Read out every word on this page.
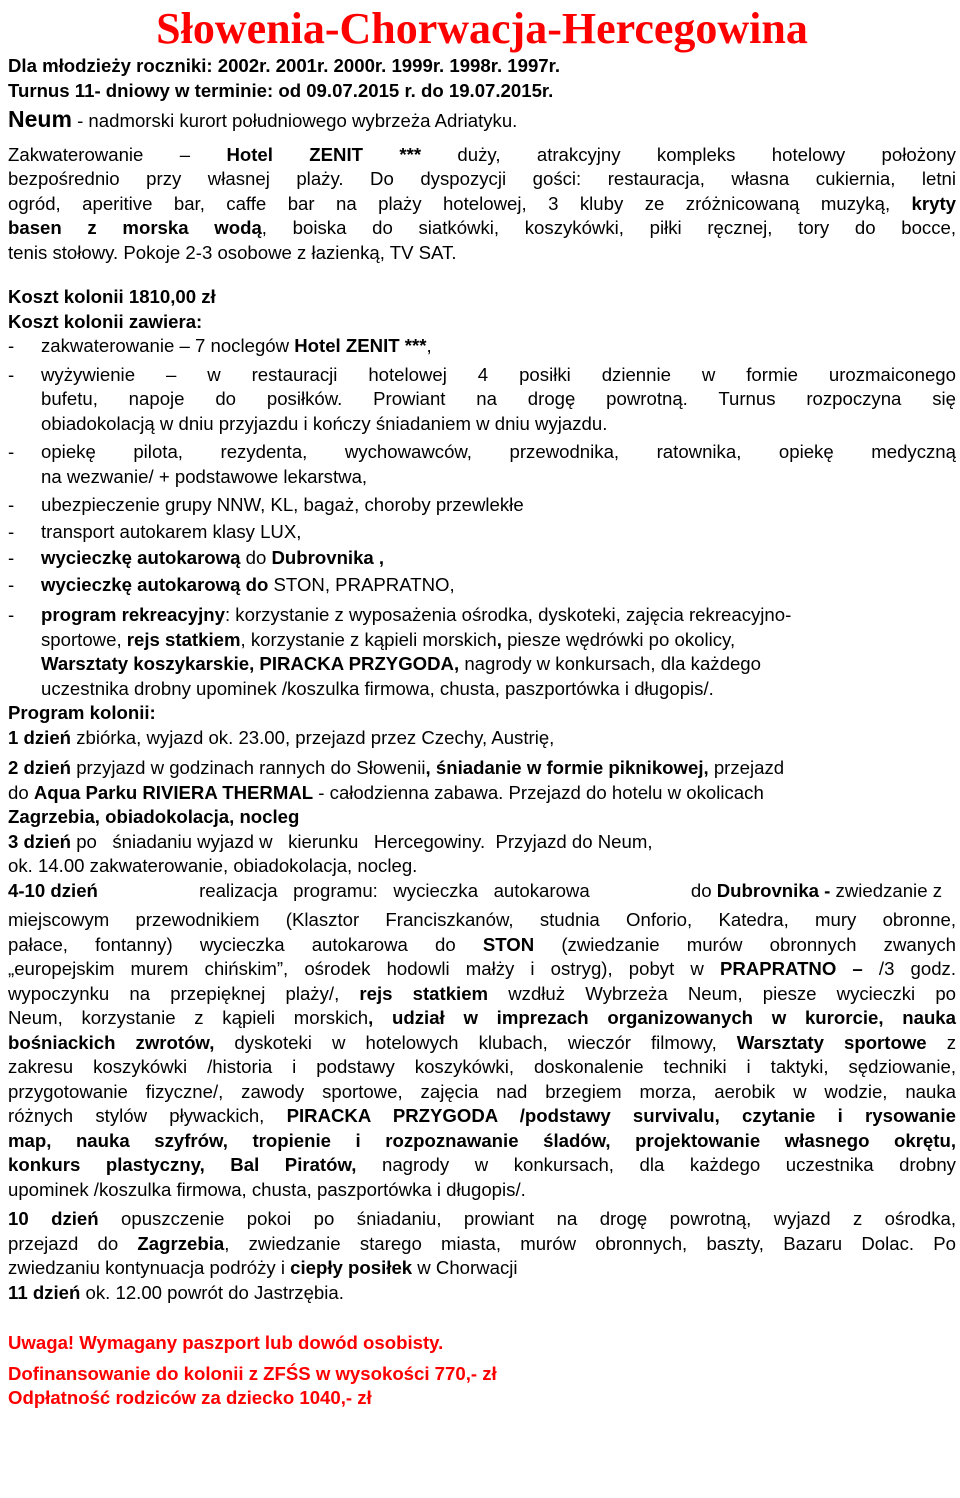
Słowenia-Chorwacja-Hercegowina
Dla młodzieży roczniki: 2002r. 2001r. 2000r. 1999r. 1998r. 1997r.
Turnus 11- dniowy w terminie: od 09.07.2015 r. do 19.07.2015r.
Neum - nadmorski kurort południowego wybrzeża Adriatyku.
Zakwaterowanie – Hotel ZENIT *** duży, atrakcyjny kompleks hotelowy położony
bezpośrednio przy własnej plaży. Do dyspozycji gości: restauracja, własna cukiernia, letni
ogród, aperitive bar, caffe bar na plaży hotelowej, 3 kluby ze zróżnicowaną muzyką, kryty
basen z morska wodą, boiska do siatkówki, koszykówki, piłki ręcznej, tory do bocce,
tenis stołowy. Pokoje 2-3 osobowe z łazienką, TV SAT.
Koszt kolonii 1810,00 zł
Koszt kolonii zawiera:
-	zakwaterowanie – 7 noclegów Hotel ZENIT ***,
-	wyżywienie – w restauracji hotelowej 4 posiłki dziennie w formie urozmaiconego
bufetu, napoje do posiłków. Prowiant na drogę powrotną. Turnus rozpoczyna się
obiadokolacją w dniu przyjazdu i kończy śniadaniem w dniu wyjazdu.
-	opiekę pilota, rezydenta, wychowawców, przewodnika, ratownika, opiekę medyczną
na wezwanie/ + podstawowe lekarstwa,
-	ubezpieczenie grupy NNW, KL, bagaż, choroby przewlekłe
-	transport autokarem klasy LUX,
-	wycieczkę autokarową do Dubrovnika ,
-	wycieczkę autokarową do STON, PRAPRATNO,
-	program rekreacyjny: korzystanie z wyposażenia ośrodka, dyskoteki, zajęcia rekreacyjno-
sportowe, rejs statkiem, korzystanie z kąpieli morskich, piesze wędrówki po okolicy,
Warsztaty koszykarskie, PIRACKA PRZYGODA, nagrody w konkursach, dla każdego
uczestnika drobny upominek /koszulka firmowa, chusta, paszportówka i długopis/.
Program kolonii:
1 dzień zbiórka, wyjazd ok. 23.00, przejazd przez Czechy, Austrię,
2 dzień przyjazd w godzinach rannych do Słowenii, śniadanie w formie piknikowej, przejazd
do Aqua Parku RIVIERA THERMAL - całodzienna zabawa. Przejazd do hotelu w okolicach
Zagrzebia, obiadokolacja, nocleg
3 dzień po   śniadaniu wyjazd w   kierunku   Hercegowiny.  Przyjazd do Neum,
ok. 14.00 zakwaterowanie, obiadokolacja, nocleg.
4-10 dzień	realizacja   programu:   wycieczka   autokarowa	do Dubrovnika - zwiedzanie z
miejscowym przewodnikiem (Klasztor Franciszkanów, studnia Onforio, Katedra, mury obronne,
pałace, fontanny) wycieczka autokarowa do STON (zwiedzanie murów obronnych zwanych
„europejskim murem chińskim”, ośrodek hodowli małży i ostryg), pobyt w PRAPRATNO – /3 godz.
wypoczynku na przepięknej plaży/, rejs statkiem wzdłuż Wybrzeża Neum, piesze wycieczki po
Neum, korzystanie z kąpieli morskich, udział w imprezach organizowanych w kurorcie, nauka
bośniackich zwrotów, dyskoteki w hotelowych klubach, wieczór filmowy, Warsztaty sportowe z
zakresu koszykówki /historia i podstawy koszykówki, doskonalenie techniki i taktyki, sędziowanie,
przygotowanie fizyczne/, zawody sportowe, zajęcia nad brzegiem morza, aerobik w wodzie, nauka
różnych stylów pływackich, PIRACKA PRZYGODA /podstawy survivalu, czytanie i rysowanie
map, nauka szyfrów, tropienie i rozpoznawanie śladów, projektowanie własnego okrętu,
konkurs plastyczny, Bal Piratów, nagrody w konkursach, dla każdego uczestnika drobny
upominek /koszulka firmowa, chusta, paszportówka i długopis/.
10 dzień opuszczenie pokoi po śniadaniu, prowiant na drogę powrotną, wyjazd z ośrodka,
przejazd do Zagrzebia, zwiedzanie starego miasta, murów obronnych, baszty, Bazaru Dolac. Po
zwiedzaniu kontynuacja podróży i ciepły posiłek w Chorwacji
11 dzień ok. 12.00 powrót do Jastrzębia.
Uwaga! Wymagany paszport lub dowód osobisty.
Dofinansowanie do kolonii z ZFŚS w wysokości 770,- zł
Odpłatność rodziców za dziecko 1040,- zł
